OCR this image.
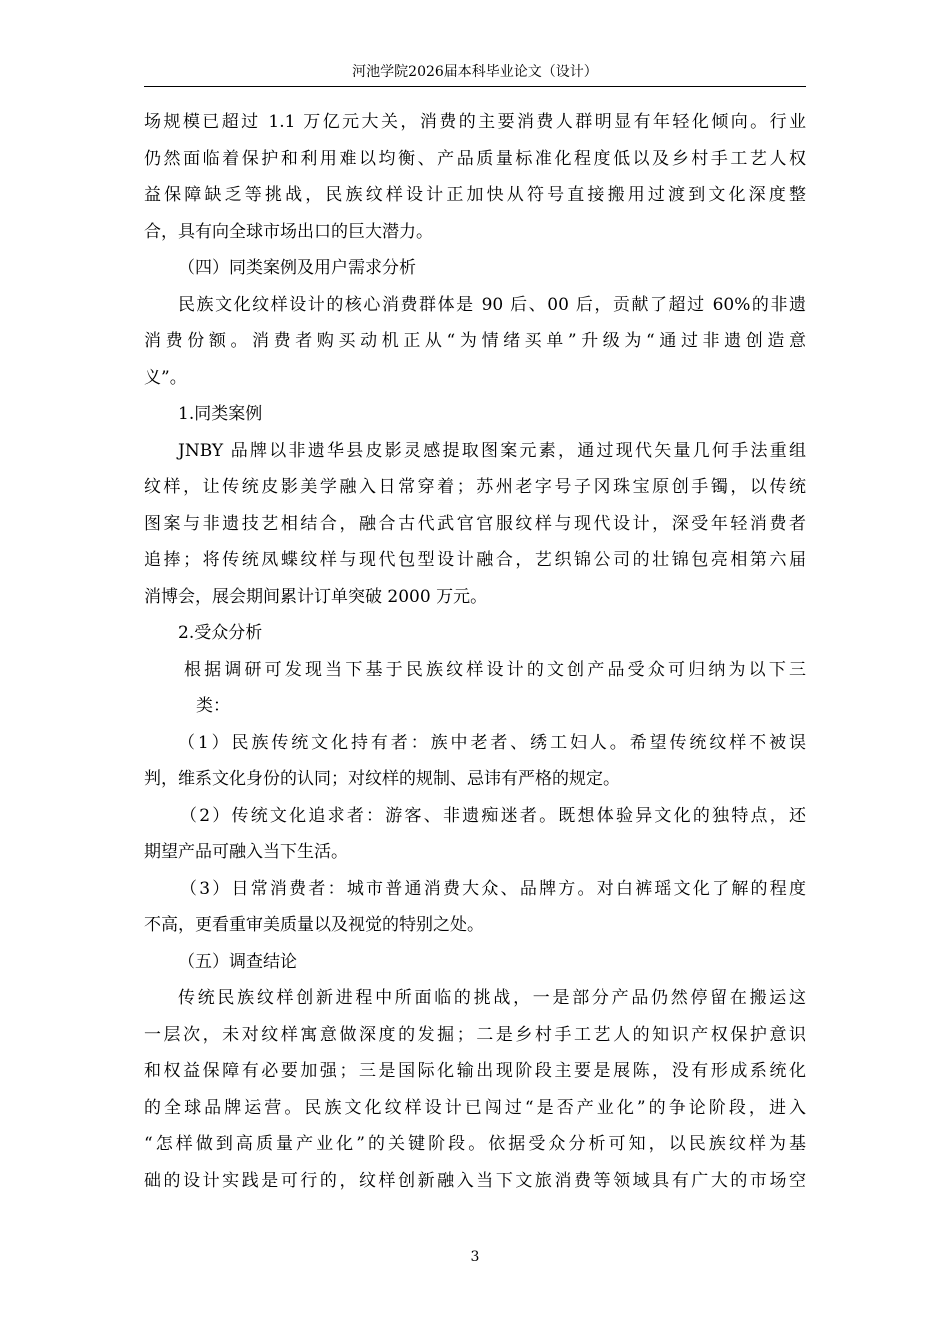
河池学院2026届本科毕业论文（设计）
场规模已超过 1.1 万亿元大关，消费的主要消费人群明显有年轻化倾向。行业
仍然面临着保护和利用难以均衡、产品质量标准化程度低以及乡村手工艺人权
益保障缺乏等挑战，民族纹样设计正加快从符号直接搬用过渡到文化深度整
合，具有向全球市场出口的巨大潜力。
（四）同类案例及用户需求分析
民族文化纹样设计的核心消费群体是 90 后、00 后，贡献了超过 60%的非遗
消费份额。消费者购买动机正从“为情绪买单”升级为“通过非遗创造意
义”。
1.同类案例
JNBY 品牌以非遗华县皮影灵感提取图案元素，通过现代矢量几何手法重组
纹样，让传统皮影美学融入日常穿着；苏州老字号子冈珠宝原创手镯，以传统
图案与非遗技艺相结合，融合古代武官官服纹样与现代设计，深受年轻消费者
追捧；将传统凤蝶纹样与现代包型设计融合，艺织锦公司的壮锦包亮相第六届
消博会，展会期间累计订单突破 2000 万元。
2.受众分析
根据调研可发现当下基于民族纹样设计的文创产品受众可归纳为以下三
类：
（1）民族传统文化持有者：族中老者、绣工妇人。希望传统纹样不被误
判，维系文化身份的认同；对纹样的规制、忌讳有严格的规定。
（2）传统文化追求者：游客、非遗痴迷者。既想体验异文化的独特点，还
期望产品可融入当下生活。
（3）日常消费者：城市普通消费大众、品牌方。对白裤瑶文化了解的程度
不高，更看重审美质量以及视觉的特别之处。
（五）调查结论
传统民族纹样创新进程中所面临的挑战，一是部分产品仍然停留在搬运这
一层次，未对纹样寓意做深度的发掘；二是乡村手工艺人的知识产权保护意识
和权益保障有必要加强；三是国际化输出现阶段主要是展陈，没有形成系统化
的全球品牌运营。民族文化纹样设计已闯过“是否产业化”的争论阶段，进入
“怎样做到高质量产业化”的关键阶段。依据受众分析可知，以民族纹样为基
础的设计实践是可行的，纹样创新融入当下文旅消费等领域具有广大的市场空
3
